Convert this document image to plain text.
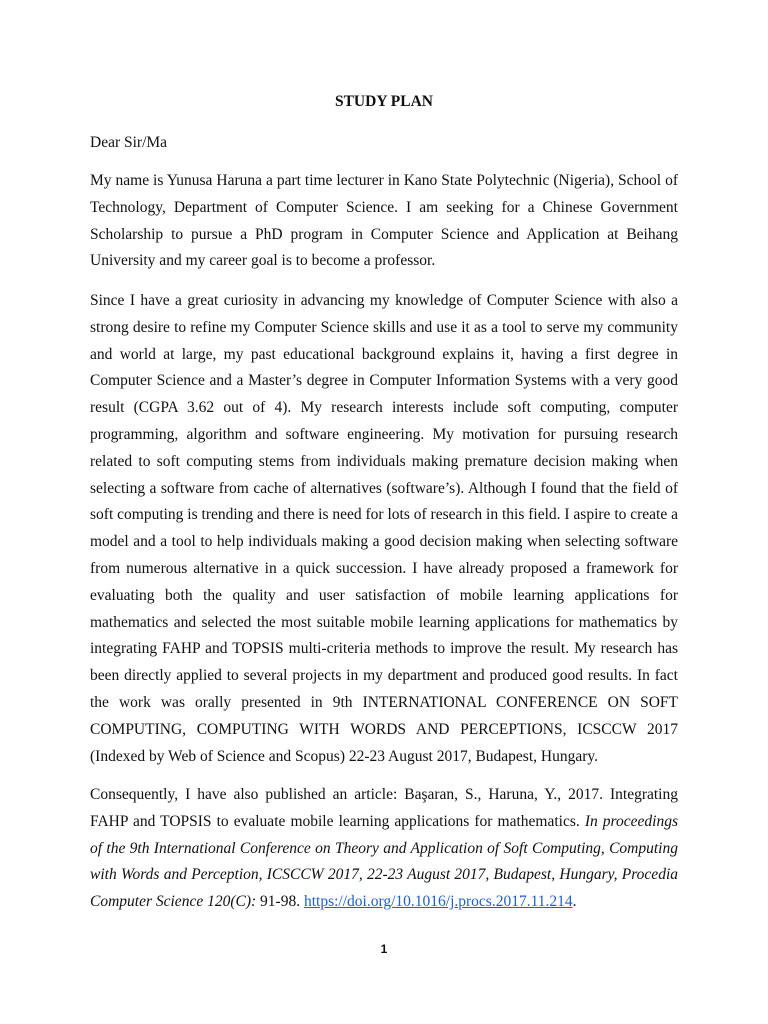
STUDY PLAN

Dear Sir/Ma

My name is Yunusa Haruna a part time lecturer in Kano State Polytechnic (Nigeria), School of Technology, Department of Computer Science. I am seeking for a Chinese Government Scholarship to pursue a PhD program in Computer Science and Application at Beihang University and my career goal is to become a professor.

Since I have a great curiosity in advancing my knowledge of Computer Science with also a strong desire to refine my Computer Science skills and use it as a tool to serve my community and world at large, my past educational background explains it, having a first degree in Computer Science and a Master’s degree in Computer Information Systems with a very good result (CGPA 3.62 out of 4). My research interests include soft computing, computer programming, algorithm and software engineering. My motivation for pursuing research related to soft computing stems from individuals making premature decision making when selecting a software from cache of alternatives (software’s). Although I found that the field of soft computing is trending and there is need for lots of research in this field. I aspire to create a model and a tool to help individuals making a good decision making when selecting software from numerous alternative in a quick succession. I have already proposed a framework for evaluating both the quality and user satisfaction of mobile learning applications for mathematics and selected the most suitable mobile learning applications for mathematics by integrating FAHP and TOPSIS multi-criteria methods to improve the result. My research has been directly applied to several projects in my department and produced good results. In fact the work was orally presented in 9th INTERNATIONAL CONFERENCE ON SOFT COMPUTING, COMPUTING WITH WORDS AND PERCEPTIONS, ICSCCW 2017 (Indexed by Web of Science and Scopus) 22-23 August 2017, Budapest, Hungary.

Consequently, I have also published an article: Başaran, S., Haruna, Y., 2017. Integrating FAHP and TOPSIS to evaluate mobile learning applications for mathematics. In proceedings of the 9th International Conference on Theory and Application of Soft Computing, Computing with Words and Perception, ICSCCW 2017, 22-23 August 2017, Budapest, Hungary, Procedia Computer Science 120(C): 91-98. https://doi.org/10.1016/j.procs.2017.11.214.

1
